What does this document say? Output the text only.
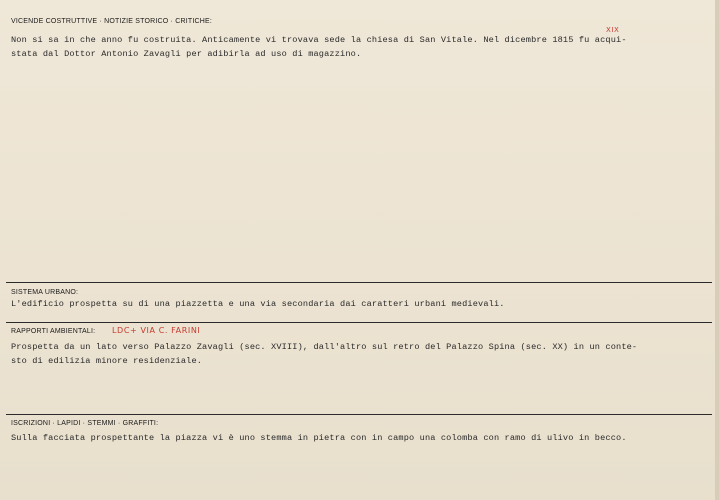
VICENDE COSTRUTTIVE · NOTIZIE STORICO · CRITICHE:
XIX
Non si sa in che anno fu costruita. Anticamente vi trovava sede la chiesa di San Vitale. Nel dicembre 1815 fu acqui-
stata dal Dottor Antonio Zavagli per adibirla ad uso di magazzino.
SISTEMA URBANO:
L'edificio prospetta su di una piazzetta e una via secondaria dai caratteri urbani medievali.
RAPPORTI AMBIENTALI: LDC+ VIA C. FARINI
Prospetta da un lato verso Palazzo Zavagli (sec. XVIII), dall'altro sul retro del Palazzo Spina (sec. XX) in un conte-
sto di edilizia minore residenziale.
ISCRIZIONI · LAPIDI · STEMMI · GRAFFITI:
Sulla facciata prospettante la piazza vi è uno stemma in pietra con in campo una colomba con ramo di ulivo in becco.
